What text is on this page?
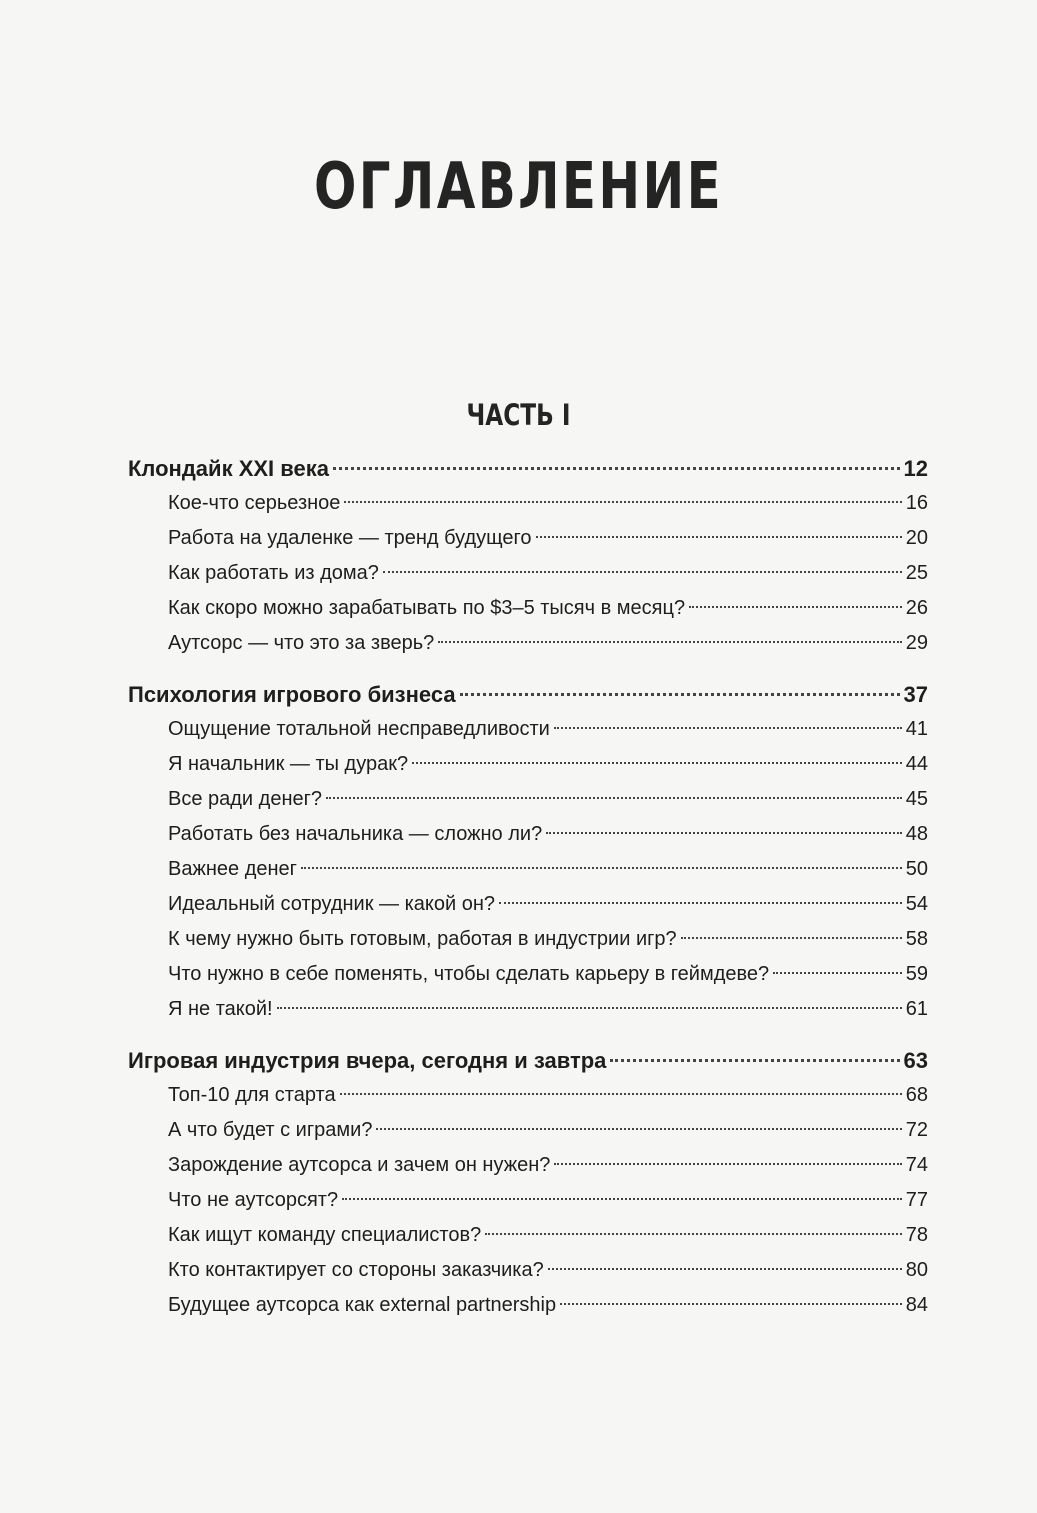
ОГЛАВЛЕНИЕ
ЧАСТЬ I
Клондайк XXI века	12
Кое-что серьезное	16
Работа на удаленке — тренд будущего	20
Как работать из дома?	25
Как скоро можно зарабатывать по $3–5 тысяч в месяц?	26
Аутсорс — что это за зверь?	29
Психология игрового бизнеса	37
Ощущение тотальной несправедливости	41
Я начальник — ты дурак?	44
Все ради денег?	45
Работать без начальника — сложно ли?	48
Важнее денег	50
Идеальный сотрудник — какой он?	54
К чему нужно быть готовым, работая в индустрии игр?	58
Что нужно в себе поменять, чтобы сделать карьеру в геймдеве?	59
Я не такой!	61
Игровая индустрия вчера, сегодня и завтра	63
Топ-10 для старта	68
А что будет с играми?	72
Зарождение аутсорса и зачем он нужен?	74
Что не аутсорсят?	77
Как ищут команду специалистов?	78
Кто контактирует со стороны заказчика?	80
Будущее аутсорса как external partnership	84
